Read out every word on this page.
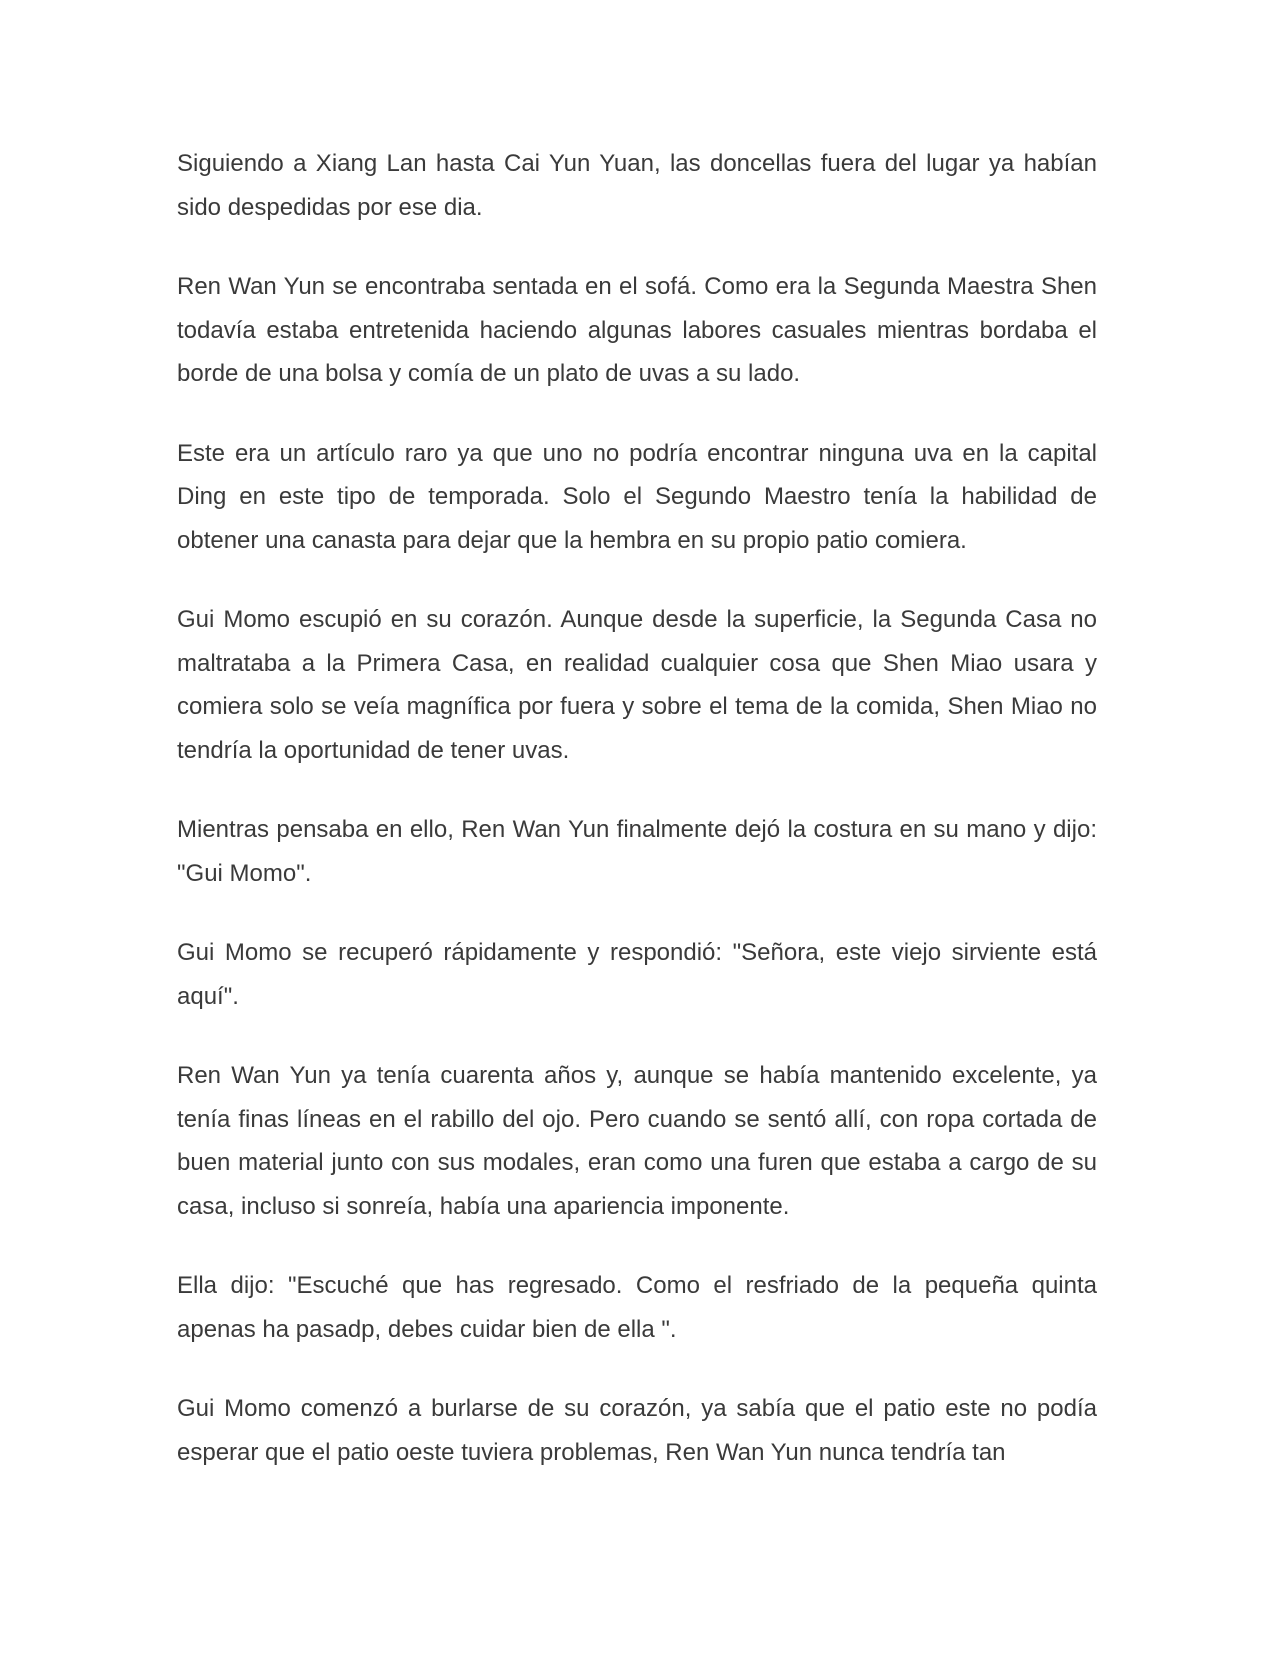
Siguiendo a Xiang Lan hasta Cai Yun Yuan, las doncellas fuera del lugar ya habían sido despedidas por ese dia.

Ren Wan Yun se encontraba sentada en el sofá. Como era la Segunda Maestra Shen todavía estaba entretenida haciendo algunas labores casuales mientras bordaba el borde de una bolsa y comía de un plato de uvas a su lado.

Este era un artículo raro ya que uno no podría encontrar ninguna uva en la capital Ding en este tipo de temporada. Solo el Segundo Maestro tenía la habilidad de obtener una canasta para dejar que la hembra en su propio patio comiera.

Gui Momo escupió en su corazón. Aunque desde la superficie, la Segunda Casa no maltrataba a la Primera Casa, en realidad cualquier cosa que Shen Miao usara y comiera solo se veía magnífica por fuera y sobre el tema de la comida, Shen Miao no tendría la oportunidad de tener uvas.

Mientras pensaba en ello, Ren Wan Yun finalmente dejó la costura en su mano y dijo: "Gui Momo".

Gui Momo se recuperó rápidamente y respondió: "Señora, este viejo sirviente está aquí".

Ren Wan Yun ya tenía cuarenta años y, aunque se había mantenido excelente, ya tenía finas líneas en el rabillo del ojo. Pero cuando se sentó allí, con ropa cortada de buen material junto con sus modales, eran como una furen que estaba a cargo de su casa, incluso si sonreía, había una apariencia imponente.

Ella dijo: "Escuché que has regresado. Como el resfriado de la pequeña quinta apenas ha pasadp, debes cuidar bien de ella ".

Gui Momo comenzó a burlarse de su corazón, ya sabía que el patio este no podía esperar que el patio oeste tuviera problemas, Ren Wan Yun nunca tendría tan
